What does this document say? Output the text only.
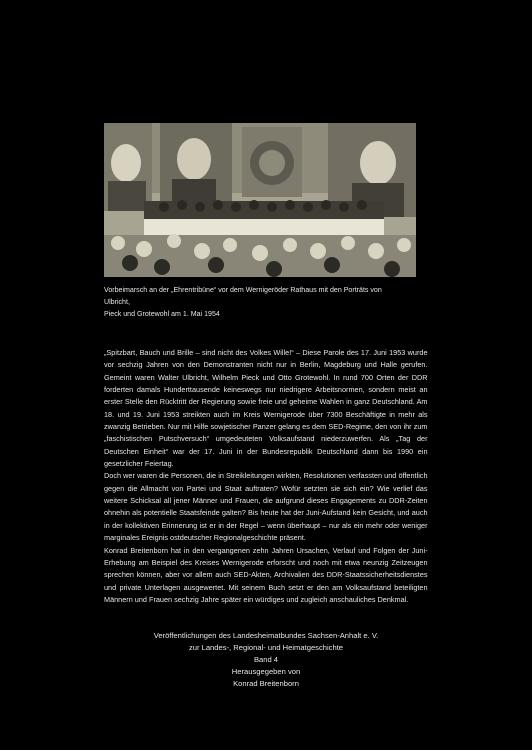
Vorbeimarsch an der „Ehrentribüne“ vor dem Wernigeröder Rathaus mit den Porträts von Ulbricht,
Pieck und Grotewohl am 1. Mai 1954

„Spitzbart, Bauch und Brille – sind nicht des Volkes Wille!“ – Diese Parole des 17. Juni 1953 wurde vor sechzig Jahren von den Demonstranten nicht nur in Berlin, Magdeburg und Halle gerufen. Gemeint waren Walter Ulbricht, Wilhelm Pieck und Otto Grotewohl. In rund 700 Orten der DDR forderten damals Hunderttausende keineswegs nur niedrigere Arbeitsnormen, sondern meist an erster Stelle den Rücktritt der Regierung sowie freie und geheime Wahlen in ganz Deutschland. Am 18. und 19. Juni 1953 streikten auch im Kreis Wernigerode über 7300 Beschäftigte in mehr als zwanzig Betrieben. Nur mit Hilfe sowjetischer Panzer gelang es dem SED-Regime, den von ihr zum „faschistischen Putschversuch“ umgedeuteten Volksaufstand niederzuwerfen. Als „Tag der Deutschen Einheit“ war der 17. Juni in der Bundesrepublik Deutschland dann bis 1990 ein gesetzlicher Feiertag.

Doch wer waren die Personen, die in Streikleitungen wirkten, Resolutionen verfassten und öffentlich gegen die Allmacht von Partei und Staat auftraten? Wofür setzten sie sich ein? Wie verlief das weitere Schicksal all jener Männer und Frauen, die aufgrund dieses Engagements zu DDR-Zeiten ohnehin als potentielle Staatsfeinde galten? Bis heute hat der Juni-Aufstand kein Gesicht, und auch in der kollektiven Erinnerung ist er in der Regel – wenn überhaupt – nur als ein mehr oder weniger marginales Ereignis ostdeutscher Regionalgeschichte präsent.

Konrad Breitenborn hat in den vergangenen zehn Jahren Ursachen, Verlauf und Folgen der Juni-Erhebung am Beispiel des Kreises Wernigerode erforscht und noch mit etwa neunzig Zeitzeugen sprechen können, aber vor allem auch SED-Akten, Archivalien des DDR-Staatssicherheitsdienstes und private Unterlagen ausgewertet. Mit seinem Buch setzt er den am Volksaufstand beteiligten Männern und Frauen sechzig Jahre später ein würdiges und zugleich anschauliches Denkmal.

Veröffentlichungen des Landesheimatbundes Sachsen-Anhalt e. V.
zur Landes-, Regional- und Heimatgeschichte
Band 4
Herausgegeben von
Konrad Breitenborn
